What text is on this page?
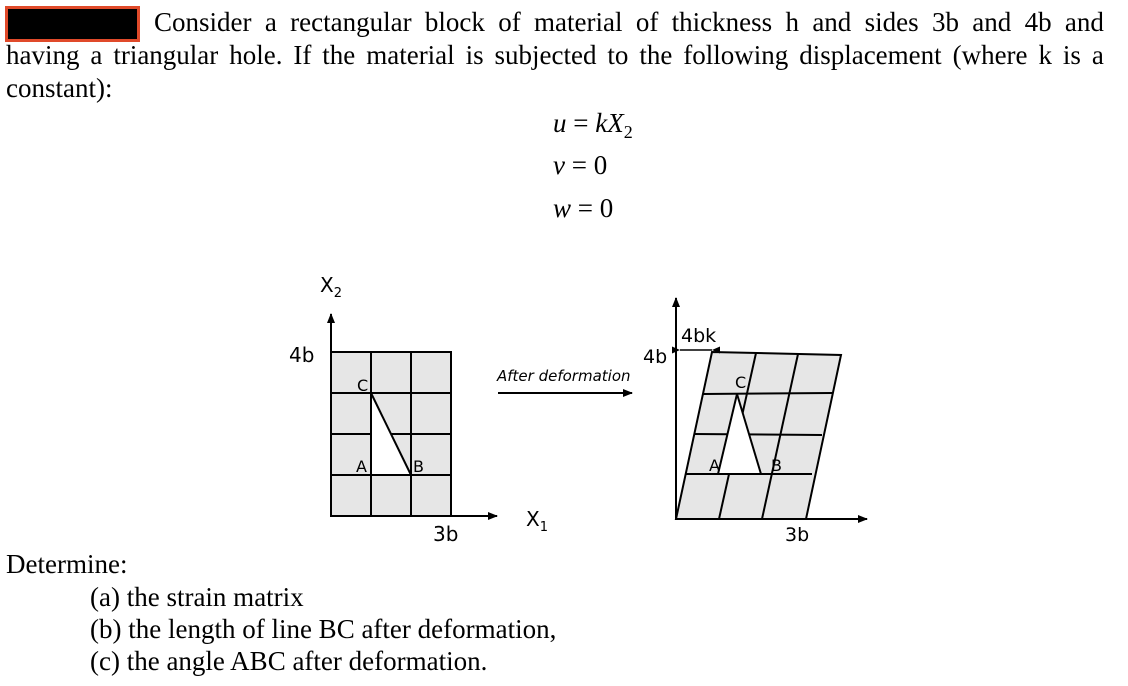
Consider a rectangular block of material of thickness h and sides 3b and 4b and
having a triangular hole. If the material is subjected to the following displacement (where k is a
constant):
$u = kX_2$
v = 0
w = 0
$X_2$
4b
3b
$X_1$
C
A	B
After deformation
4bk
4b
3b
C
A	B
Determine:
(a) the strain matrix
(b) the length of line BC after deformation,
(c) the angle ABC after deformation.
